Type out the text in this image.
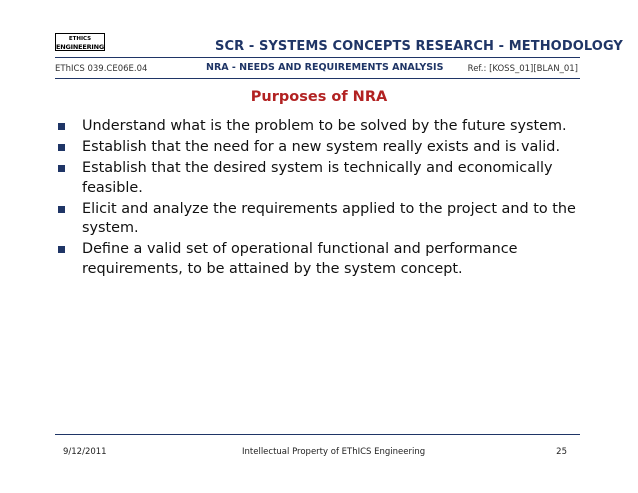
ETHICS
ENGINEERING	SCR - SYSTEMS CONCEPTS RESEARCH - METHODOLOGY
EThICS 039.CE06E.04	NRA - NEEDS AND REQUIREMENTS ANALYSIS	Ref.: [KOSS_01][BLAN_01]
Purposes of NRA
Understand what is the problem to be solved by the future system.
Establish that the need for a new system really exists and is valid.
Establish that the desired system is technically and economically feasible.
Elicit and analyze the requirements applied to the project and to the system.
Define a valid set of operational functional and performance requirements, to be attained by the system concept.
9/12/2011	Intellectual Property of EThICS Engineering	25
